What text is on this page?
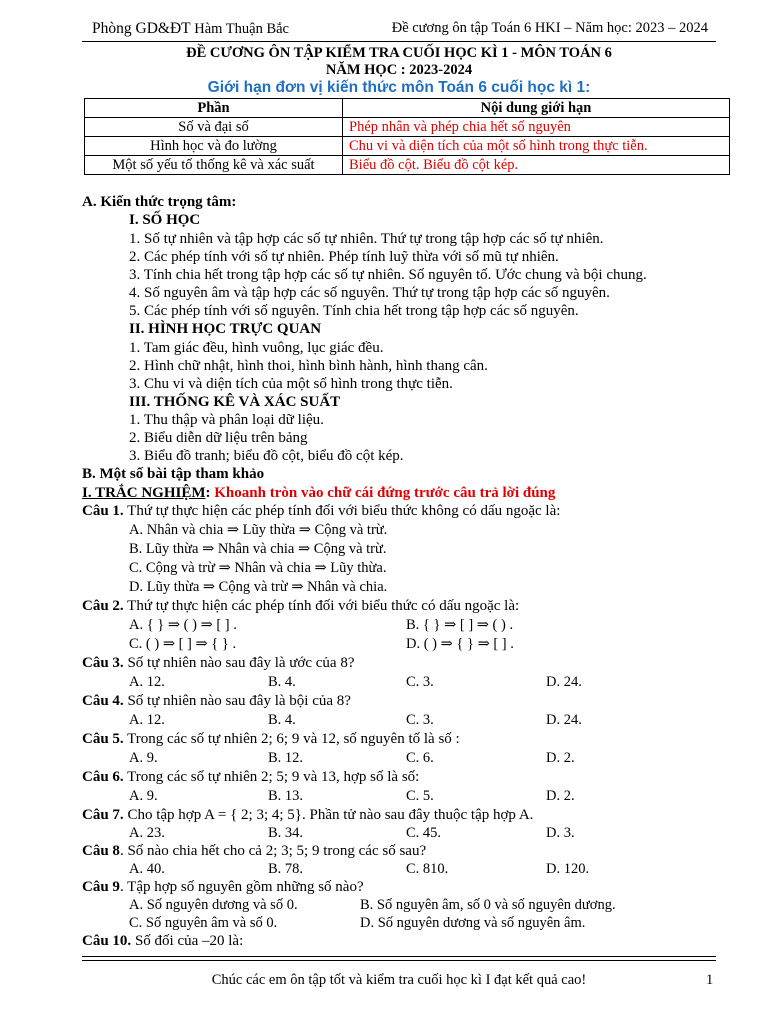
Phòng GD&ĐT Hàm Thuận Bắc	Đề cương ôn tập Toán 6 HKI – Năm học: 2023 – 2024
ĐỀ CƯƠNG ÔN TẬP KIỂM TRA CUỐI HỌC KÌ 1 - MÔN TOÁN 6
NĂM HỌC : 2023-2024
Giới hạn đơn vị kiến thức môn Toán 6 cuối học kì 1:
Phần	Nội dung giới hạn
Số và đại số	Phép nhân và phép chia hết số nguyên
Hình học và đo lường	Chu vi và diện tích của một số hình trong thực tiễn.
Một số yếu tố thống kê và xác suất	Biểu đồ cột. Biểu đồ cột kép.
A. Kiến thức trọng tâm:
I. SỐ HỌC
1. Số tự nhiên và tập hợp các số tự nhiên. Thứ tự trong tập hợp các số tự nhiên.
2. Các phép tính với số tự nhiên. Phép tính luỹ thừa với số mũ tự nhiên.
3. Tính chia hết trong tập hợp các số tự nhiên. Số nguyên tố. Ước chung và bội chung.
4. Số nguyên âm và tập hợp các số nguyên. Thứ tự trong tập hợp các số nguyên.
5. Các phép tính với số nguyên. Tính chia hết trong tập hợp các số nguyên.
II. HÌNH HỌC TRỰC QUAN
1. Tam giác đều, hình vuông, lục giác đều.
2. Hình chữ nhật, hình thoi, hình bình hành, hình thang cân.
3. Chu vi và diện tích của một số hình trong thực tiễn.
III. THỐNG KÊ VÀ XÁC SUẤT
1. Thu thập và phân loại dữ liệu.
2. Biểu diễn dữ liệu trên bảng
3. Biểu đồ tranh; biểu đồ cột, biểu đồ cột kép.
B. Một số bài tập tham khảo
I. TRẮC NGHIỆM: Khoanh tròn vào chữ cái đứng trước câu trả lời đúng
Câu 1. Thứ tự thực hiện các phép tính đối với biểu thức không có dấu ngoặc là:
A. Nhân và chia ⇒ Lũy thừa ⇒ Cộng và trừ.
B. Lũy thừa ⇒ Nhân và chia ⇒ Cộng và trừ.
C. Cộng và trừ ⇒ Nhân và chia ⇒ Lũy thừa.
D. Lũy thừa ⇒ Cộng và trừ ⇒ Nhân và chia.
Câu 2. Thứ tự thực hiện các phép tính đối với biểu thức có dấu ngoặc là:
A. { } ⇒ ( ) ⇒ [ ] .	B. { } ⇒ [ ] ⇒ ( ) .
C. ( ) ⇒ [ ] ⇒ { } .	D. ( ) ⇒ { } ⇒ [ ] .
Câu 3. Số tự nhiên nào sau đây là ước của 8?
A. 12.	B. 4.	C. 3.	D. 24.
Câu 4. Số tự nhiên nào sau đây là bội của 8?
A. 12.	B. 4.	C. 3.	D. 24.
Câu 5. Trong các số tự nhiên 2; 6; 9 và 12, số nguyên tố là số :
A. 9.	B. 12.	C. 6.	D. 2.
Câu 6. Trong các số tự nhiên 2; 5; 9 và 13, hợp số là số:
A. 9.	B. 13.	C. 5.	D. 2.
Câu 7. Cho tập hợp A = { 2; 3; 4; 5}. Phần tử nào sau đây thuộc tập hợp A.
A. 23.	B. 34.	C. 45.	D. 3.
Câu 8. Số nào chia hết cho cả 2; 3; 5; 9 trong các số sau?
A. 40.	B. 78.	C. 810.	D. 120.
Câu 9. Tập hợp số nguyên gồm những số nào?
A. Số nguyên dương và số 0.	B. Số nguyên âm, số 0 và số nguyên dương.
C. Số nguyên âm và số 0.	D. Số nguyên dương và số nguyên âm.
Câu 10. Số đối của –20 là:
Chúc các em ôn tập tốt và kiểm tra cuối học kì I đạt kết quả cao!	1
